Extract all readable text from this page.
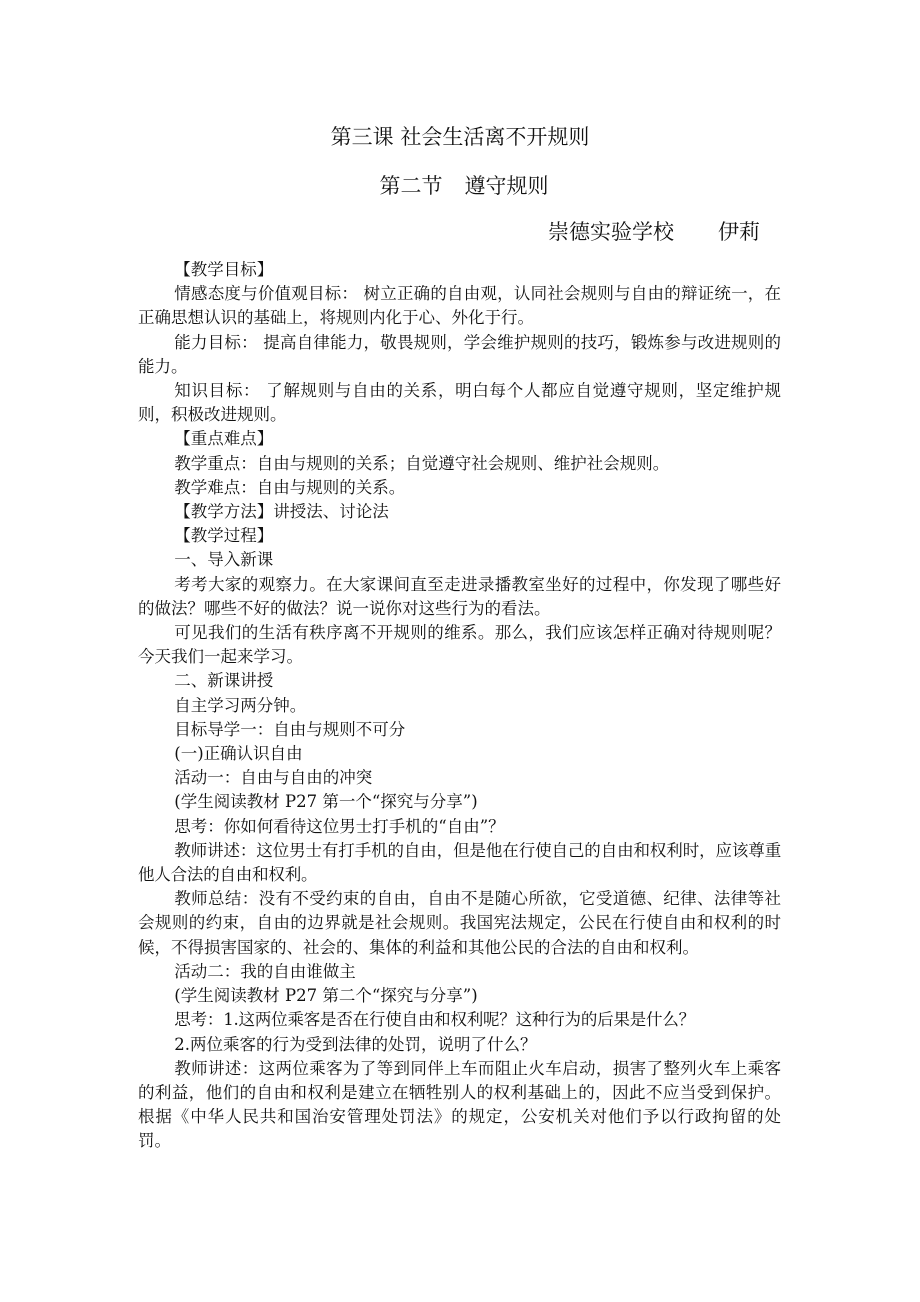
第三课 社会生活离不开规则
第二节 遵守规则
崇德实验学校 伊莉

【教学目标】

情感态度与价值观目标： 树立正确的自由观，认同社会规则与自由的辩证统一，在正确思想认识的基础上，将规则内化于心、外化于行。

能力目标： 提高自律能力，敬畏规则，学会维护规则的技巧，锻炼参与改进规则的能力。

知识目标： 了解规则与自由的关系，明白每个人都应自觉遵守规则，坚定维护规则，积极改进规则。

【重点难点】

教学重点：自由与规则的关系；自觉遵守社会规则、维护社会规则。

教学难点：自由与规则的关系。

【教学方法】讲授法、讨论法

【教学过程】

一、导入新课

考考大家的观察力。在大家课间直至走进录播教室坐好的过程中，你发现了哪些好的做法？哪些不好的做法？说一说你对这些行为的看法。

可见我们的生活有秩序离不开规则的维系。那么，我们应该怎样正确对待规则呢？今天我们一起来学习。

二、新课讲授

自主学习两分钟。

目标导学一：自由与规则不可分

(一)正确认识自由

活动一：自由与自由的冲突

(学生阅读教材 P27 第一个“探究与分享”)

思考：你如何看待这位男士打手机的“自由”？

教师讲述：这位男士有打手机的自由，但是他在行使自己的自由和权利时，应该尊重他人合法的自由和权利。

教师总结：没有不受约束的自由，自由不是随心所欲，它受道德、纪律、法律等社会规则的约束，自由的边界就是社会规则。我国宪法规定，公民在行使自由和权利的时候，不得损害国家的、社会的、集体的利益和其他公民的合法的自由和权利。

活动二：我的自由谁做主

(学生阅读教材 P27 第二个“探究与分享”)

思考：1.这两位乘客是否在行使自由和权利呢？这种行为的后果是什么？

2.两位乘客的行为受到法律的处罚，说明了什么？

教师讲述：这两位乘客为了等到同伴上车而阻止火车启动，损害了整列火车上乘客的利益，他们的自由和权利是建立在牺牲别人的权利基础上的，因此不应当受到保护。根据《中华人民共和国治安管理处罚法》的规定，公安机关对他们予以行政拘留的处罚。
